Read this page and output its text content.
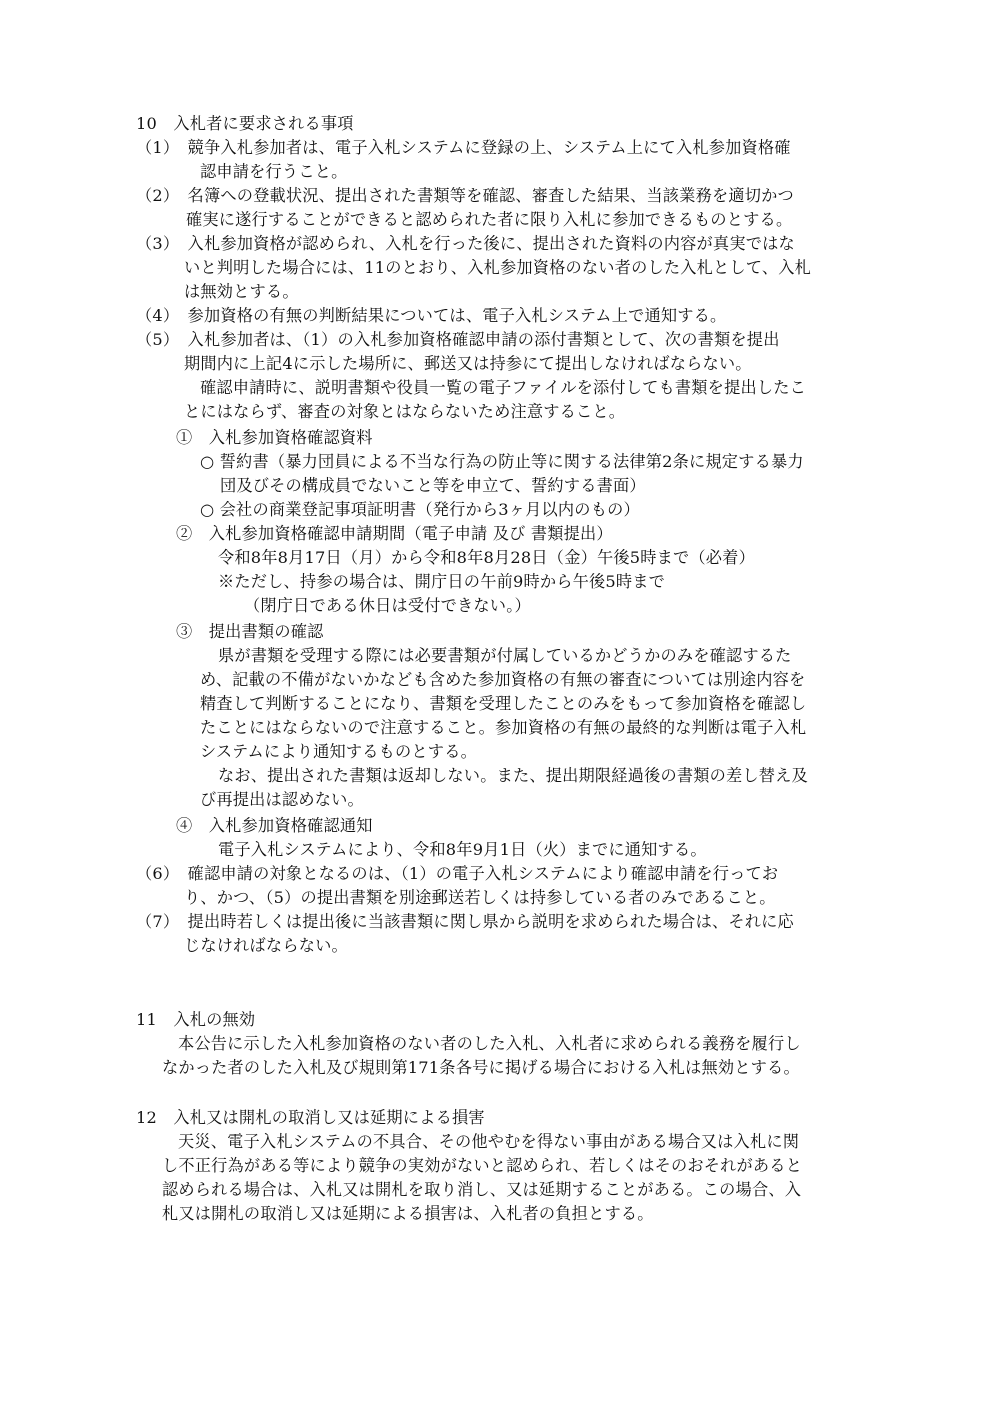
10　入札者に要求される事項
（1）　競争入札参加者は、電子入札システムに登録の上、システム上にて入札参加資格確
認申請を行うこと。
（2）　名簿への登載状況、提出された書類等を確認、審査した結果、当該業務を適切かつ
確実に遂行することができると認められた者に限り入札に参加できるものとする。
（3）　入札参加資格が認められ、入札を行った後に、提出された資料の内容が真実ではな
いと判明した場合には、11のとおり、入札参加資格のない者のした入札として、入札
は無効とする。
（4）　参加資格の有無の判断結果については、電子入札システム上で通知する。
（5）　入札参加者は、（1）の入札参加資格確認申請の添付書類として、次の書類を提出
期間内に上記4に示した場所に、郵送又は持参にて提出しなければならない。
確認申請時に、説明書類や役員一覧の電子ファイルを添付しても書類を提出したこ
とにはならず、審査の対象とはならないため注意すること。
①　入札参加資格確認資料
○ 誓約書（暴力団員による不当な行為の防止等に関する法律第2条に規定する暴力
団及びその構成員でないこと等を申立て、誓約する書面）
○ 会社の商業登記事項証明書（発行から3ヶ月以内のもの）
②　入札参加資格確認申請期間（電子申請 及び 書類提出）
令和8年8月17日（月）から令和8年8月28日（金）午後5時まで（必着）
※ただし、持参の場合は、開庁日の午前9時から午後5時まで
（閉庁日である休日は受付できない。）
③　提出書類の確認
県が書類を受理する際には必要書類が付属しているかどうかのみを確認するた
め、記載の不備がないかなども含めた参加資格の有無の審査については別途内容を
精査して判断することになり、書類を受理したことのみをもって参加資格を確認し
たことにはならないので注意すること。参加資格の有無の最終的な判断は電子入札
システムにより通知するものとする。
なお、提出された書類は返却しない。また、提出期限経過後の書類の差し替え及
び再提出は認めない。
④　入札参加資格確認通知
電子入札システムにより、令和8年9月1日（火）までに通知する。
（6）　確認申請の対象となるのは、（1）の電子入札システムにより確認申請を行ってお
り、かつ、（5）の提出書類を別途郵送若しくは持参している者のみであること。
（7）　提出時若しくは提出後に当該書類に関し県から説明を求められた場合は、それに応
じなければならない。
11　入札の無効
本公告に示した入札参加資格のない者のした入札、入札者に求められる義務を履行し
なかった者のした入札及び規則第171条各号に掲げる場合における入札は無効とする。
12　入札又は開札の取消し又は延期による損害
天災、電子入札システムの不具合、その他やむを得ない事由がある場合又は入札に関
し不正行為がある等により競争の実効がないと認められ、若しくはそのおそれがあると
認められる場合は、入札又は開札を取り消し、又は延期することがある。この場合、入
札又は開札の取消し又は延期による損害は、入札者の負担とする。
